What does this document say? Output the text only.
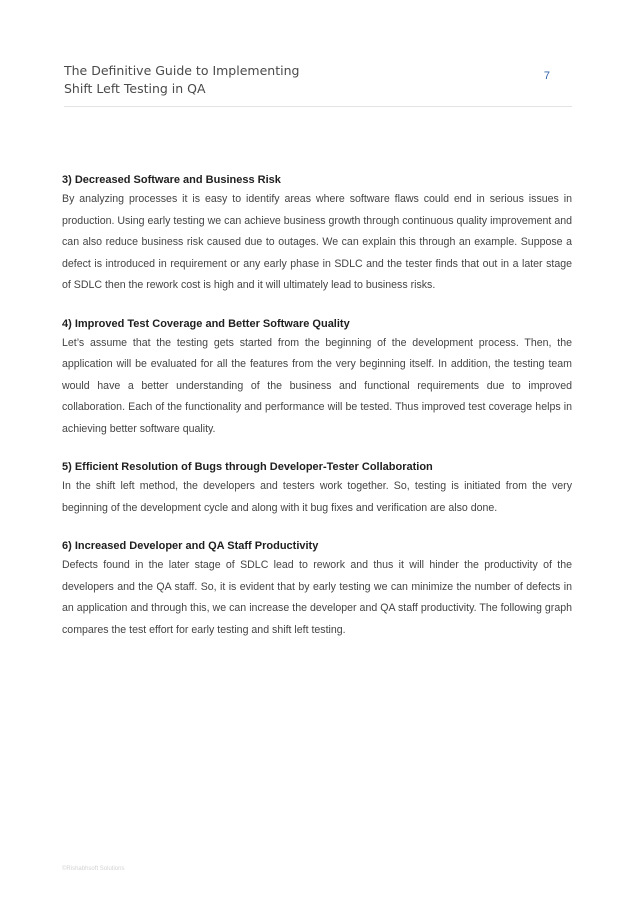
The Definitive Guide to Implementing
Shift Left Testing in QA
7
3) Decreased Software and Business Risk

By analyzing processes it is easy to identify areas where software flaws could end in serious issues in production. Using early testing we can achieve business growth through continuous quality improvement and can also reduce business risk caused due to outages. We can explain this through an example. Suppose a defect is introduced in requirement or any early phase in SDLC and the tester finds that out in a later stage of SDLC then the rework cost is high and it will ultimately lead to business risks.

4) Improved Test Coverage and Better Software Quality

Let’s assume that the testing gets started from the beginning of the development process. Then, the application will be evaluated for all the features from the very beginning itself. In addition, the testing team would have a better understanding of the business and functional requirements due to improved collaboration. Each of the functionality and performance will be tested. Thus improved test coverage helps in achieving better software quality.

5) Efficient Resolution of Bugs through Developer-Tester Collaboration

In the shift left method, the developers and testers work together. So, testing is initiated from the very beginning of the development cycle and along with it bug fixes and verification are also done.

6) Increased Developer and QA Staff Productivity

Defects found in the later stage of SDLC lead to rework and thus it will hinder the productivity of the developers and the QA staff. So, it is evident that by early testing we can minimize the number of defects in an application and through this, we can increase the developer and QA staff productivity. The following graph compares the test effort for early testing and shift left testing.

©Rishabhsoft Solutions
